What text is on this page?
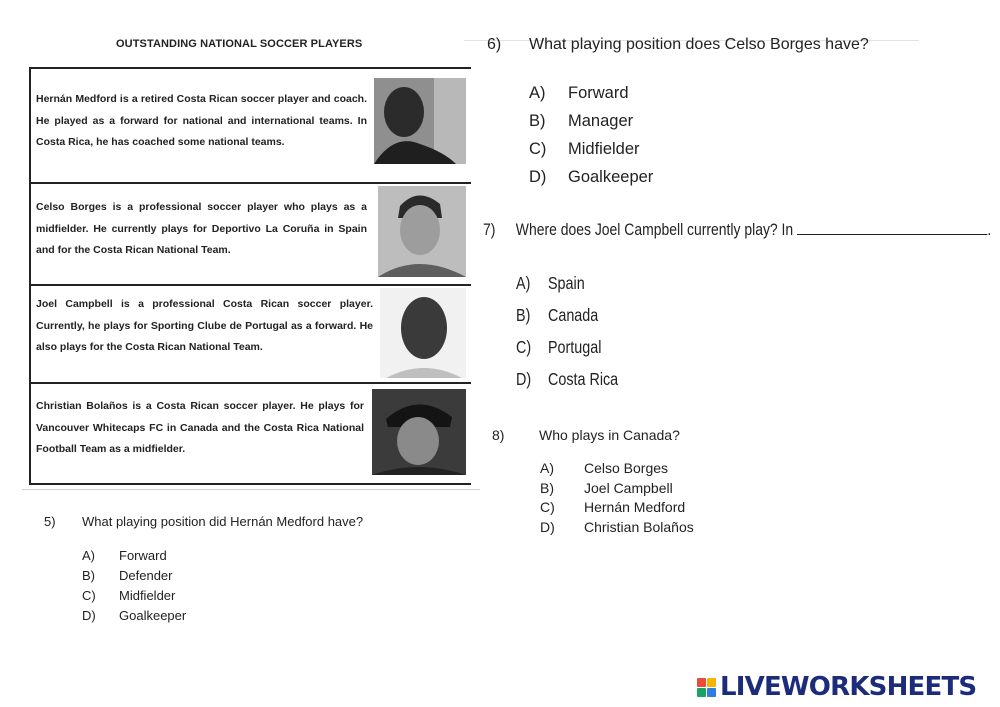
OUTSTANDING NATIONAL SOCCER PLAYERS
Hernán Medford is a retired Costa Rican soccer player and coach. He played as a forward for national and international teams. In Costa Rica, he has coached some national teams.
Celso Borges is a professional soccer player who plays as a midfielder. He currently plays for Deportivo La Coruña in Spain and for the Costa Rican National Team.
Joel Campbell is a professional Costa Rican soccer player. Currently, he plays for Sporting Clube de Portugal as a forward. He also plays for the Costa Rican National Team.
Christian Bolaños is a Costa Rican soccer player. He plays for Vancouver Whitecaps FC in Canada and the Costa Rica National Football Team as a midfielder.
5) What playing position did Hernán Medford have?
A) Forward
B) Defender
C) Midfielder
D) Goalkeeper
6) What playing position does Celso Borges have?
A) Forward
B) Manager
C) Midfielder
D) Goalkeeper
7) Where does Joel Campbell currently play? In	.
A) Spain
B) Canada
C) Portugal
D) Costa Rica
8) Who plays in Canada?
A) Celso Borges
B) Joel Campbell
C) Hernán Medford
D) Christian Bolaños
LIVEWORKSHEETS
